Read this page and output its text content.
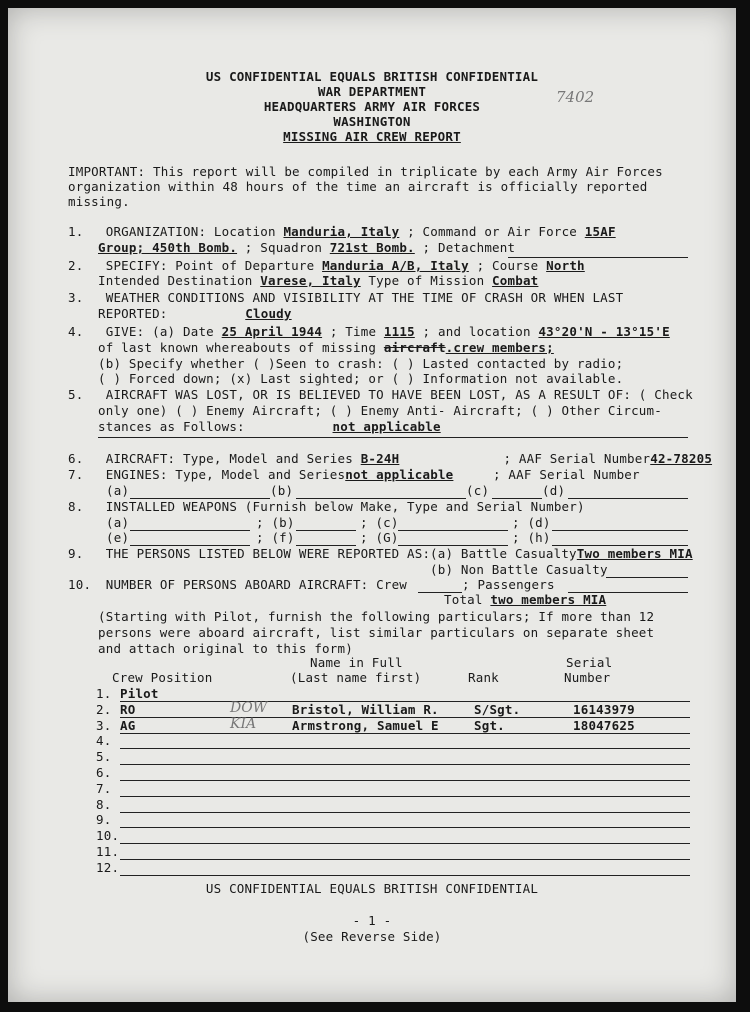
US CONFIDENTIAL EQUALS BRITISH CONFIDENTIAL
WAR DEPARTMENT
HEADQUARTERS ARMY AIR FORCES
WASHINGTON
MISSING AIR CREW REPORT
7402
IMPORTANT: This report will be compiled in triplicate by each Army Air Forces
organization within 48 hours of the time an aircraft is officially reported
missing.
1. ORGANIZATION: Location Manduria, Italy ; Command or Air Force 15AF
Group; 450th Bomb. ; Squadron 721st Bomb. ; Detachment
2. SPECIFY: Point of Departure Manduria A/B, Italy ; Course North
Intended Destination Varese, Italy Type of Mission Combat
3. WEATHER CONDITIONS AND VISIBILITY AT THE TIME OF CRASH OR WHEN LAST
REPORTED:	Cloudy
4. GIVE: (a) Date 25 April 1944 ; Time 1115 ; and location 43°20'N - 13°15'E
of last known whereabouts of missing aircraft.crew members;
(b) Specify whether ( )Seen to crash: ( ) Lasted contacted by radio;
( ) Forced down; (x) Last sighted; or ( ) Information not available.
5. AIRCRAFT WAS LOST, OR IS BELIEVED TO HAVE BEEN LOST, AS A RESULT OF: ( Check
only one) ( ) Enemy Aircraft; ( ) Enemy Anti- Aircraft; ( ) Other Circum-
stances as Follows:	not applicable
6. AIRCRAFT: Type, Model and Series B-24H	; AAF Serial Number42-78205
7. ENGINES: Type, Model and Seriesnot applicable	; AAF Serial Number
(a)	(b)	(c)	(d)
8. INSTALLED WEAPONS (Furnish below Make, Type and Serial Number)
(a)	; (b)	; (c)	; (d)
(e)	; (f)	; (G)	; (h)
9. THE PERSONS LISTED BELOW WERE REPORTED AS: (a) Battle CasualtyTwo members MIA
(b) Non Battle Casualty
10. NUMBER OF PERSONS ABOARD AIRCRAFT: Crew	; Passengers
Total two members MIA
(Starting with Pilot, furnish the following particulars; If more than 12
persons were aboard aircraft, list similar particulars on separate sheet
and attach original to this form)
Name in Full	Serial
Crew Position	(Last name first)	Rank	Number
1. Pilot
2. RO	DOW Bristol, William R.	S/Sgt.	16143979
3. AG	KIA	Armstrong, Samuel E	Sgt.	18047625
4.
5.
6.
7.
8.
9.
10.
11.
12.
US CONFIDENTIAL EQUALS BRITISH CONFIDENTIAL
- 1 -
(See Reverse Side)
